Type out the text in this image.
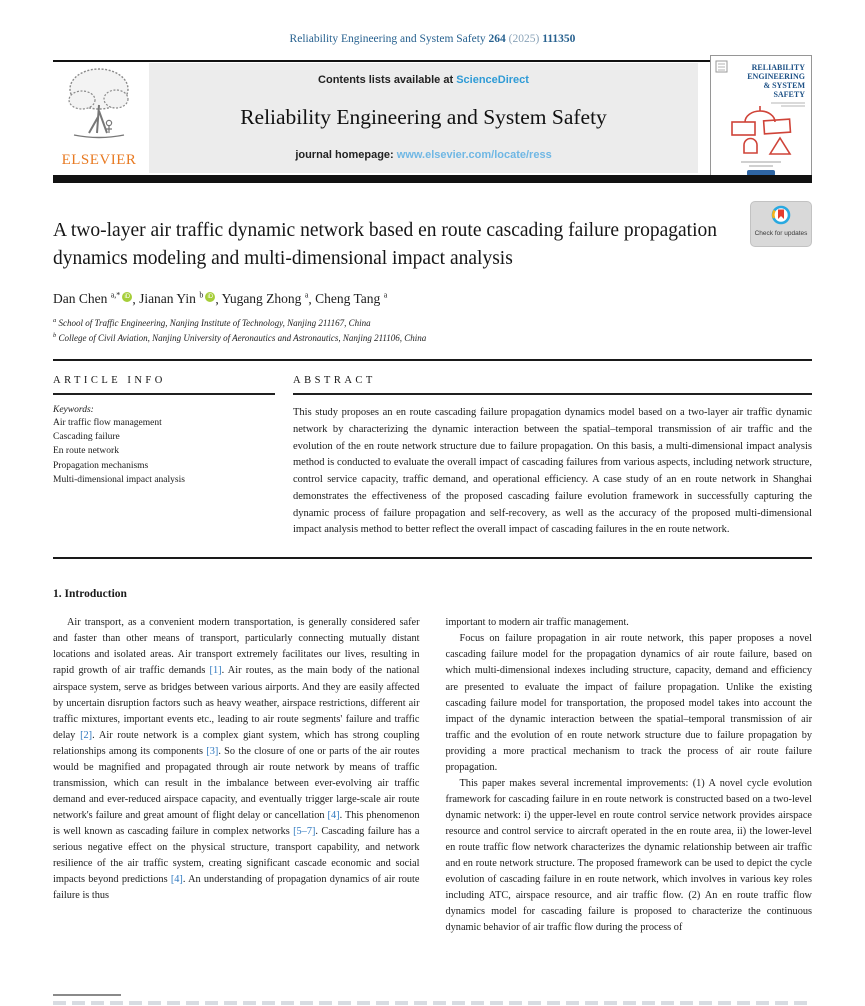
Reliability Engineering and System Safety 264 (2025) 111350
ELSEVIER
Contents lists available at ScienceDirect
Reliability Engineering and System Safety
journal homepage: www.elsevier.com/locate/ress
RELIABILITY
ENGINEERING
& SYSTEM
SAFETY
A two-layer air traffic dynamic network based en route cascading failure propagation dynamics modeling and multi-dimensional impact analysis
Check for updates
Dan Chen $^{a,*}$ iD , Jianan Yin $^b$ iD , Yugang Zhong $^a$, Cheng Tang $^a$
$^a$ School of Traffic Engineering, Nanjing Institute of Technology, Nanjing 211167, China
$^b$ College of Civil Aviation, Nanjing University of Aeronautics and Astronautics, Nanjing 211106, China
ARTICLE INFO
Keywords:
Air traffic flow management
Cascading failure
En route network
Propagation mechanisms
Multi-dimensional impact analysis
ABSTRACT
This study proposes an en route cascading failure propagation dynamics model based on a two-layer air traffic dynamic network by characterizing the dynamic interaction between the spatial–temporal transmission of air traffic and the evolution of the en route network structure due to failure propagation. On this basis, a multi-dimensional impact analysis method is conducted to evaluate the overall impact of cascading failures from various aspects, including network structure, control service capacity, traffic demand, and operational efficiency. A case study of an en route network in Shanghai demonstrates the effectiveness of the proposed cascading failure evolution framework in successfully capturing the dynamic process of failure propagation and self-recovery, as well as the accuracy of the proposed multi-dimensional impact analysis method to better reflect the overall impact of cascading failures in the en route network.
1. Introduction

Air transport, as a convenient modern transportation, is generally considered safer and faster than other means of transport, particularly connecting mutually distant locations and isolated areas. Air transport extremely facilitates our lives, resulting in rapid growth of air traffic demands [1]. Air routes, as the main body of the national airspace system, serve as bridges between various airports. And they are easily affected by uncertain disruption factors such as heavy weather, airspace restrictions, different air traffic mixtures, important events etc., leading to air route segments' failure and traffic delay [2]. Air route network is a complex giant system, which has strong coupling relationships among its components [3]. So the closure of one or parts of the air routes would be magnified and propagated through air route network by means of traffic transmission, which can result in the imbalance between ever-evolving air traffic demand and ever-reduced airspace capacity, and eventually trigger large-scale air route network's failure and great amount of flight delay or cancellation [4]. This phenomenon is well known as cascading failure in complex networks [5–7]. Cascading failure has a serious negative effect on the physical structure, transport capability, and network resilience of the air traffic system, creating significant cascade economic and social impacts beyond predictions [4]. An understanding of propagation dynamics of air route failure is thus

important to modern air traffic management.

Focus on failure propagation in air route network, this paper proposes a novel cascading failure model for the propagation dynamics of air route failure, based on which multi-dimensional indexes including structure, capacity, demand and efficiency are presented to evaluate the impact of failure propagation. Unlike the existing cascading failure model for transportation, the proposed model takes into account the impact of the dynamic interaction between the spatial–temporal transmission of air traffic and the evolution of en route network structure due to failure propagation by providing a more practical mechanism to track the process of air route failure propagation.

This paper makes several incremental improvements: (1) A novel cycle evolution framework for cascading failure in en route network is constructed based on a two-level dynamic network: i) the upper-level en route control service network provides airspace resource and control service to aircraft operated in the en route area, ii) the lower-level en route traffic flow network characterizes the dynamic relationship between air traffic and en route network structure. The proposed framework can be used to depict the cycle evolution of cascading failure in en route network, which involves in various key roles including ATC, airspace resource, and air traffic flow. (2) An en route traffic flow dynamics model for cascading failure is proposed to characterize the continuous dynamic behavior of air traffic flow during the process of
